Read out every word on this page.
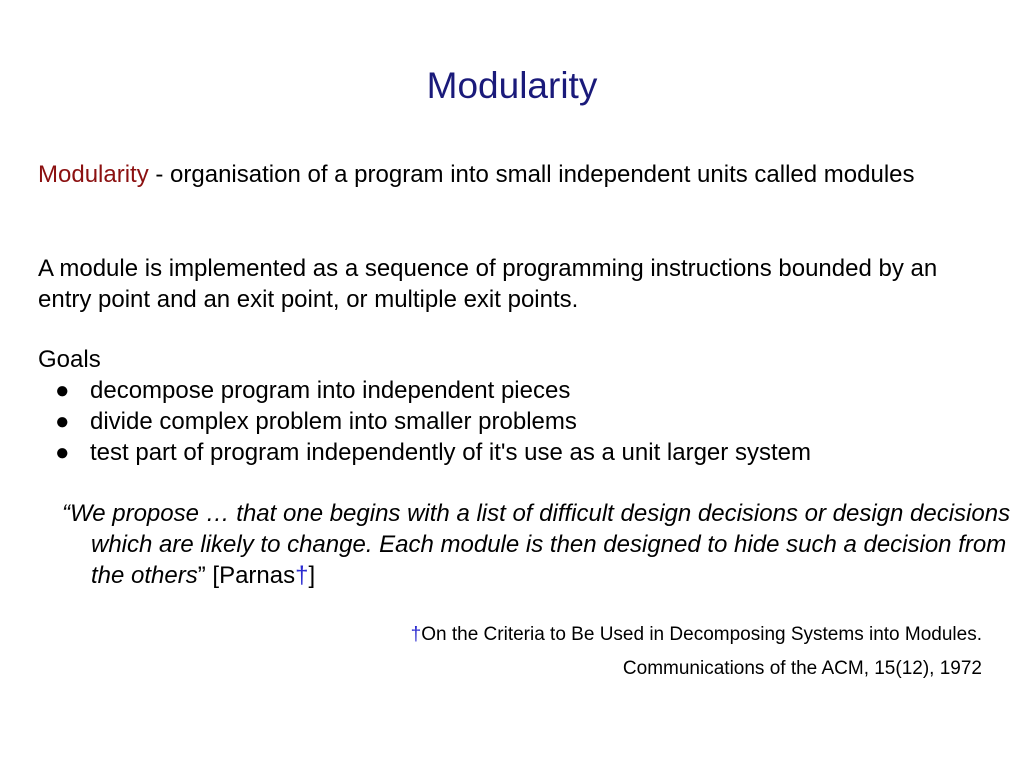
Modularity
Modularity - organisation of a program into small independent units called modules
A module is implemented as a sequence of programming instructions bounded by an entry point and an exit point, or multiple exit points.
Goals
● decompose program into independent pieces
● divide complex problem into smaller problems
● test part of program independently of it's use as a unit larger system
“We propose … that one begins with a list of difficult design decisions or design decisions which are likely to change. Each module is then designed to hide such a decision from the others” [Parnas†]
†On the Criteria to Be Used in Decomposing Systems into Modules.
Communications of the ACM, 15(12), 1972
